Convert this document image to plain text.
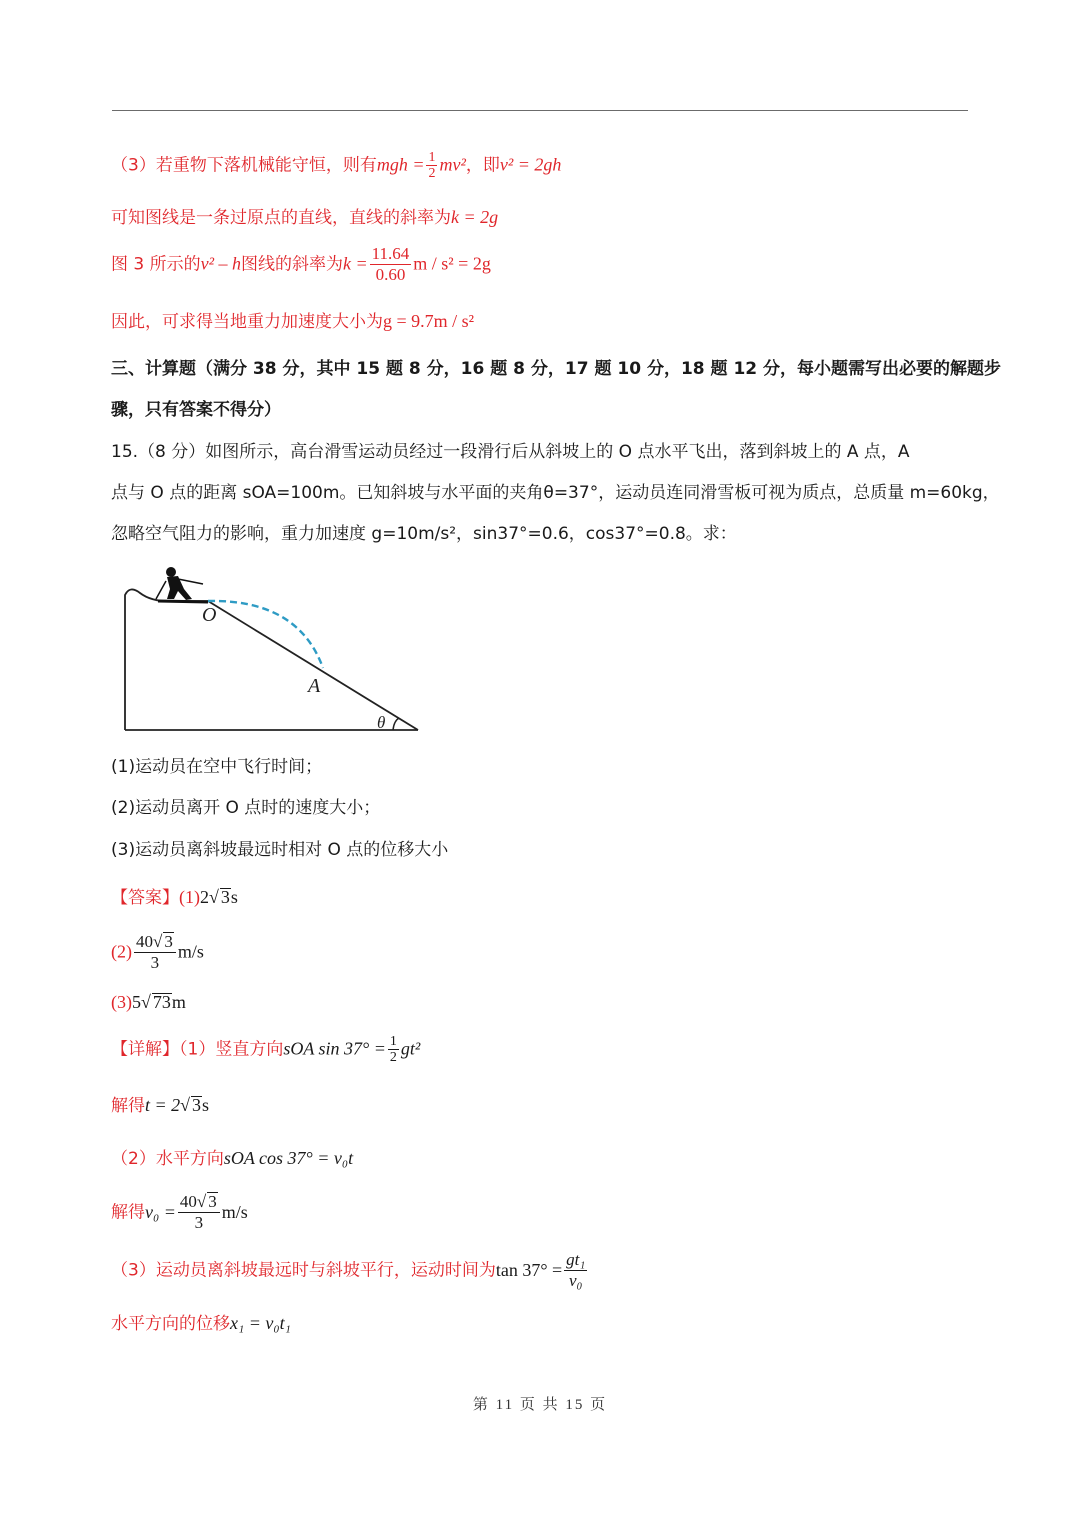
（3）若重物下落机械能守恒，则有mgh = $\frac{1}{2} mv^2$，即v² = 2gh
可知图线是一条过原点的直线，直线的斜率为k = 2g
图 3 所示的v² – h图线的斜率为$k = \frac{11.64}{0.60}$ m / s² = 2g
因此，可求得当地重力加速度大小为g = 9.7m / s²
三、计算题（满分 38 分，其中 15 题 8 分，16 题 8 分，17 题 10 分，18 题 12 分，每小题需写出必要的解题步
骤，只有答案不得分）
15.（8 分）如图所示，高台滑雪运动员经过一段滑行后从斜坡上的 O 点水平飞出，落到斜坡上的 A 点，A
点与 O 点的距离 sOA=100m。已知斜坡与水平面的夹角θ=37°，运动员连同滑雪板可视为质点，总质量 m=60kg，
忽略空气阻力的影响，重力加速度 g=10m/s²，sin37°=0.6，cos37°=0.8。求：
O
A
θ
(1)运动员在空中飞行时间；
(2)运动员离开 O 点时的速度大小；
(3)运动员离斜坡最远时相对 O 点的位移大小
【答案】(1)2√ 3s
$(2) \frac{40√ 3}{3} m/s$
(3)5√ 73m
【详解】（1）竖直方向sOA $\sin 37^\circ = \frac{1}{2} gt^2$
解得t = 2√ 3s
（2）水平方向sOA cos 37° = v₀t
解得$v_0 = \frac{40√ 3}{3} m/s$
（3）运动员离斜坡最远时与斜坡平行，运动时间为$\tan 37^\circ = \frac{\text{gt₁}}{\text{v₀}}$
水平方向的位移x₁ = v₀t₁
第 11 页 共 15 页
